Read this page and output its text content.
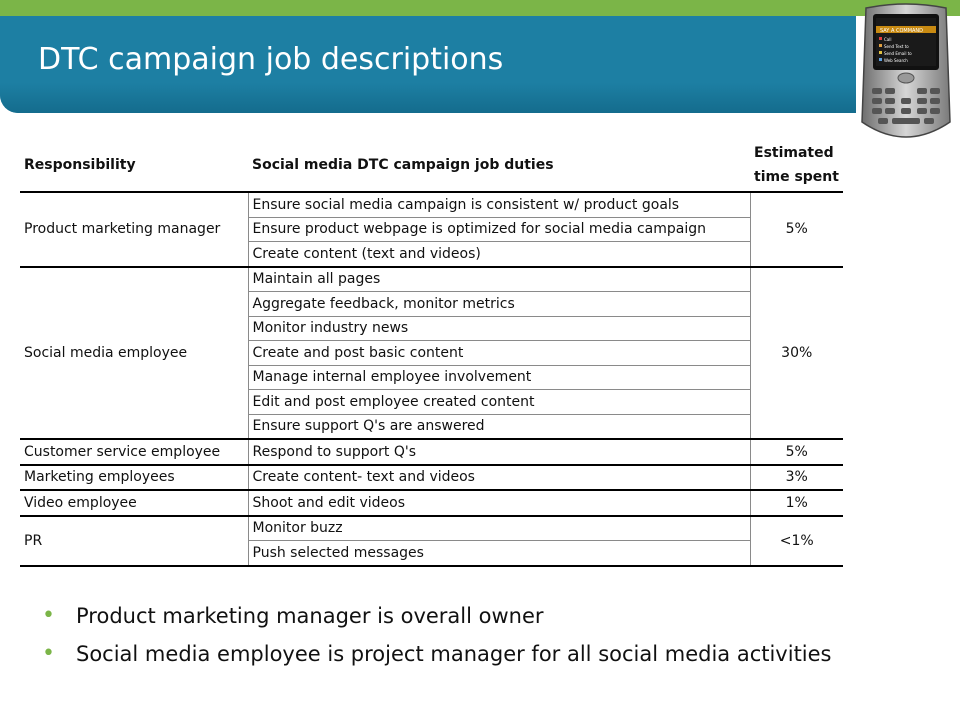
DTC campaign job descriptions
SAY A COMMAND
Call
Send Text to
Send Email to
Web Search
Responsibility	Social media DTC campaign job duties	Estimated
time spent
Product marketing manager	Ensure social media campaign is consistent w/ product goals	5%
	Ensure product webpage is optimized for social media campaign	
	Create content (text and videos)	
Social media employee	Maintain all pages	30%
	Aggregate feedback, monitor metrics	
	Monitor industry news	
	Create and post basic content	
	Manage internal employee involvement	
	Edit and post employee created content	
	Ensure support Q's are answered	
Customer service employee	Respond to support Q's	5%
Marketing employees	Create content- text and videos	3%
Video employee	Shoot and edit videos	1%
PR	Monitor buzz	<1%
	Push selected messages	
• Product marketing manager is overall owner
• Social media employee is project manager for all social media activities
